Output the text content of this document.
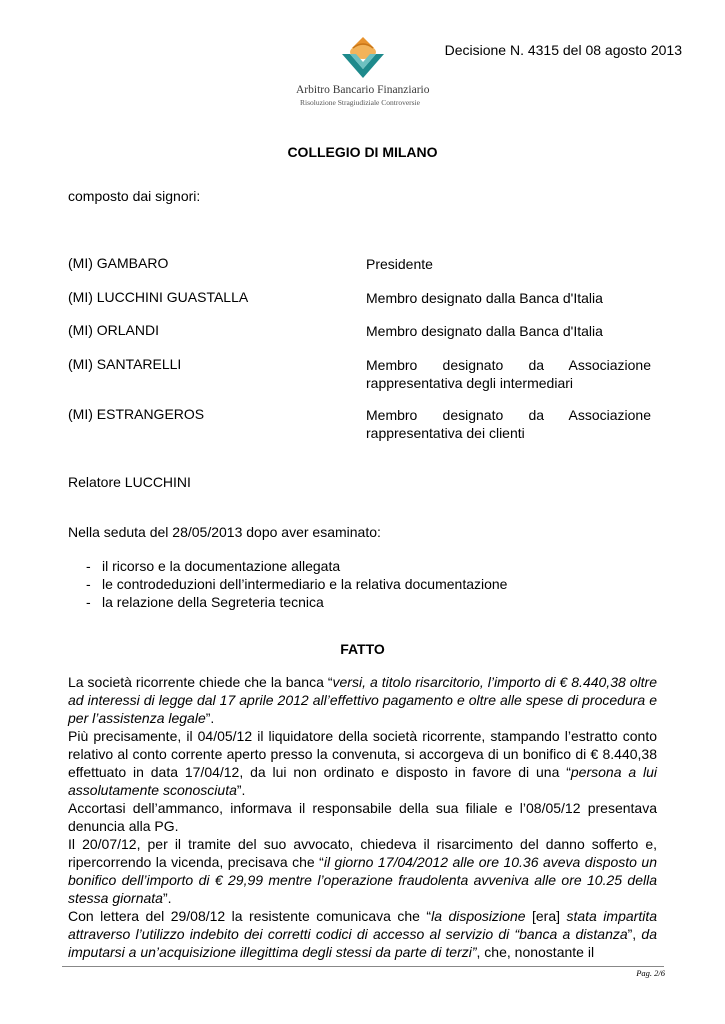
Arbitro Bancario Finanziario
Risoluzione Stragiudiziale Controversie
Decisione N. 4315 del 08 agosto 2013
COLLEGIO DI MILANO
composto dai signori:
(MI) GAMBARO	Presidente
(MI) LUCCHINI GUASTALLA	Membro designato dalla Banca d'Italia
(MI) ORLANDI	Membro designato dalla Banca d'Italia
(MI) SANTARELLI	Membro designato da Associazione
rappresentativa degli intermediari
(MI) ESTRANGEROS	Membro designato da Associazione
rappresentativa dei clienti
Relatore LUCCHINI
Nella seduta del 28/05/2013 dopo aver esaminato:
- il ricorso e la documentazione allegata
- le controdeduzioni dell’intermediario e la relativa documentazione
- la relazione della Segreteria tecnica
FATTO

La società ricorrente chiede che la banca “versi, a titolo risarcitorio, l’importo di € 8.440,38 oltre ad interessi di legge dal 17 aprile 2012 all’effettivo pagamento e oltre alle spese di procedura e per l’assistenza legale”.

Più precisamente, il 04/05/12 il liquidatore della società ricorrente, stampando l’estratto conto relativo al conto corrente aperto presso la convenuta, si accorgeva di un bonifico di € 8.440,38 effettuato in data 17/04/12, da lui non ordinato e disposto in favore di una “persona a lui assolutamente sconosciuta”.

Accortasi dell’ammanco, informava il responsabile della sua filiale e l’08/05/12 presentava denuncia alla PG.

Il 20/07/12, per il tramite del suo avvocato, chiedeva il risarcimento del danno sofferto e, ripercorrendo la vicenda, precisava che “il giorno 17/04/2012 alle ore 10.36 aveva disposto un bonifico dell’importo di € 29,99 mentre l’operazione fraudolenta avveniva alle ore 10.25 della stessa giornata”.

Con lettera del 29/08/12 la resistente comunicava che “la disposizione [era] stata impartita attraverso l’utilizzo indebito dei corretti codici di accesso al servizio di “banca a distanza”, da imputarsi a un’acquisizione illegittima degli stessi da parte di terzi”, che, nonostante il

Pag. 2/6
